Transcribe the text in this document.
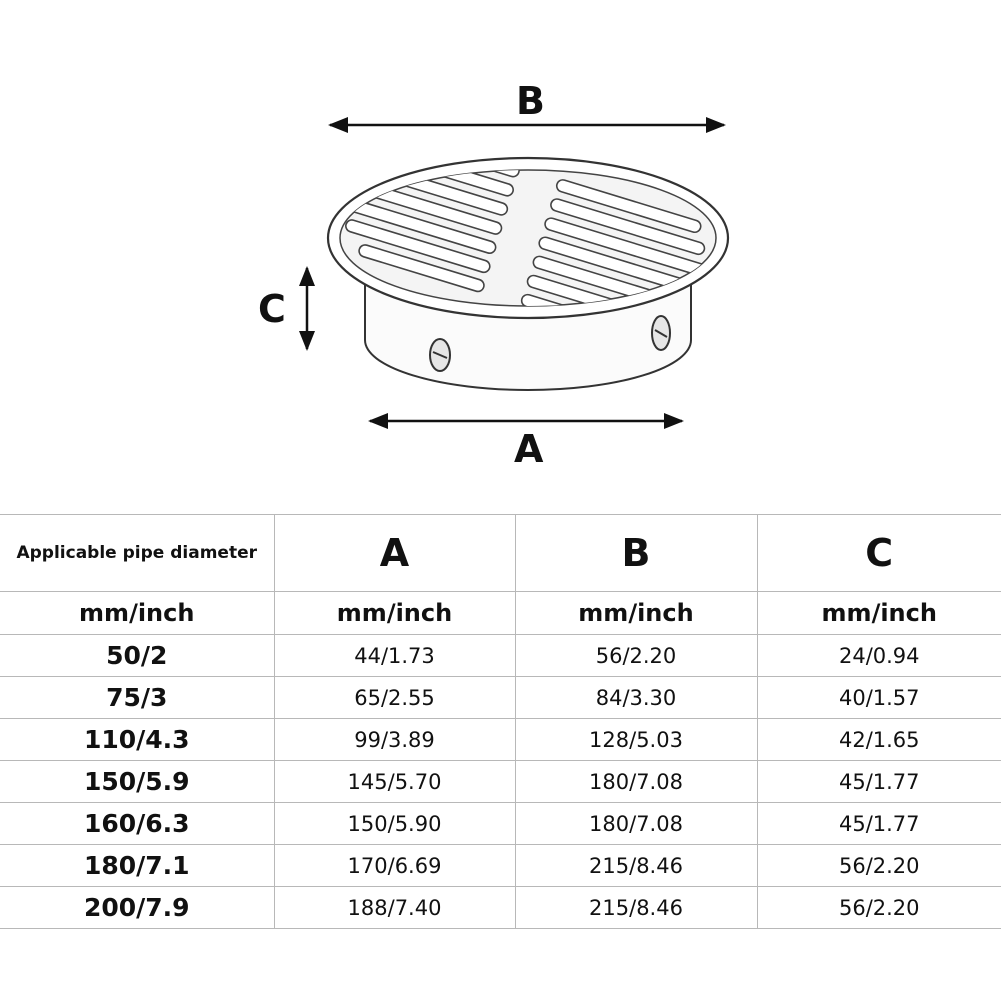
B
A
C
Applicable pipe diameter	A	B	C
mm/inch	mm/inch	mm/inch	mm/inch
50/2	44/1.73	56/2.20	24/0.94
75/3	65/2.55	84/3.30	40/1.57
110/4.3	99/3.89	128/5.03	42/1.65
150/5.9	145/5.70	180/7.08	45/1.77
160/6.3	150/5.90	180/7.08	45/1.77
180/7.1	170/6.69	215/8.46	56/2.20
200/7.9	188/7.40	215/8.46	56/2.20
